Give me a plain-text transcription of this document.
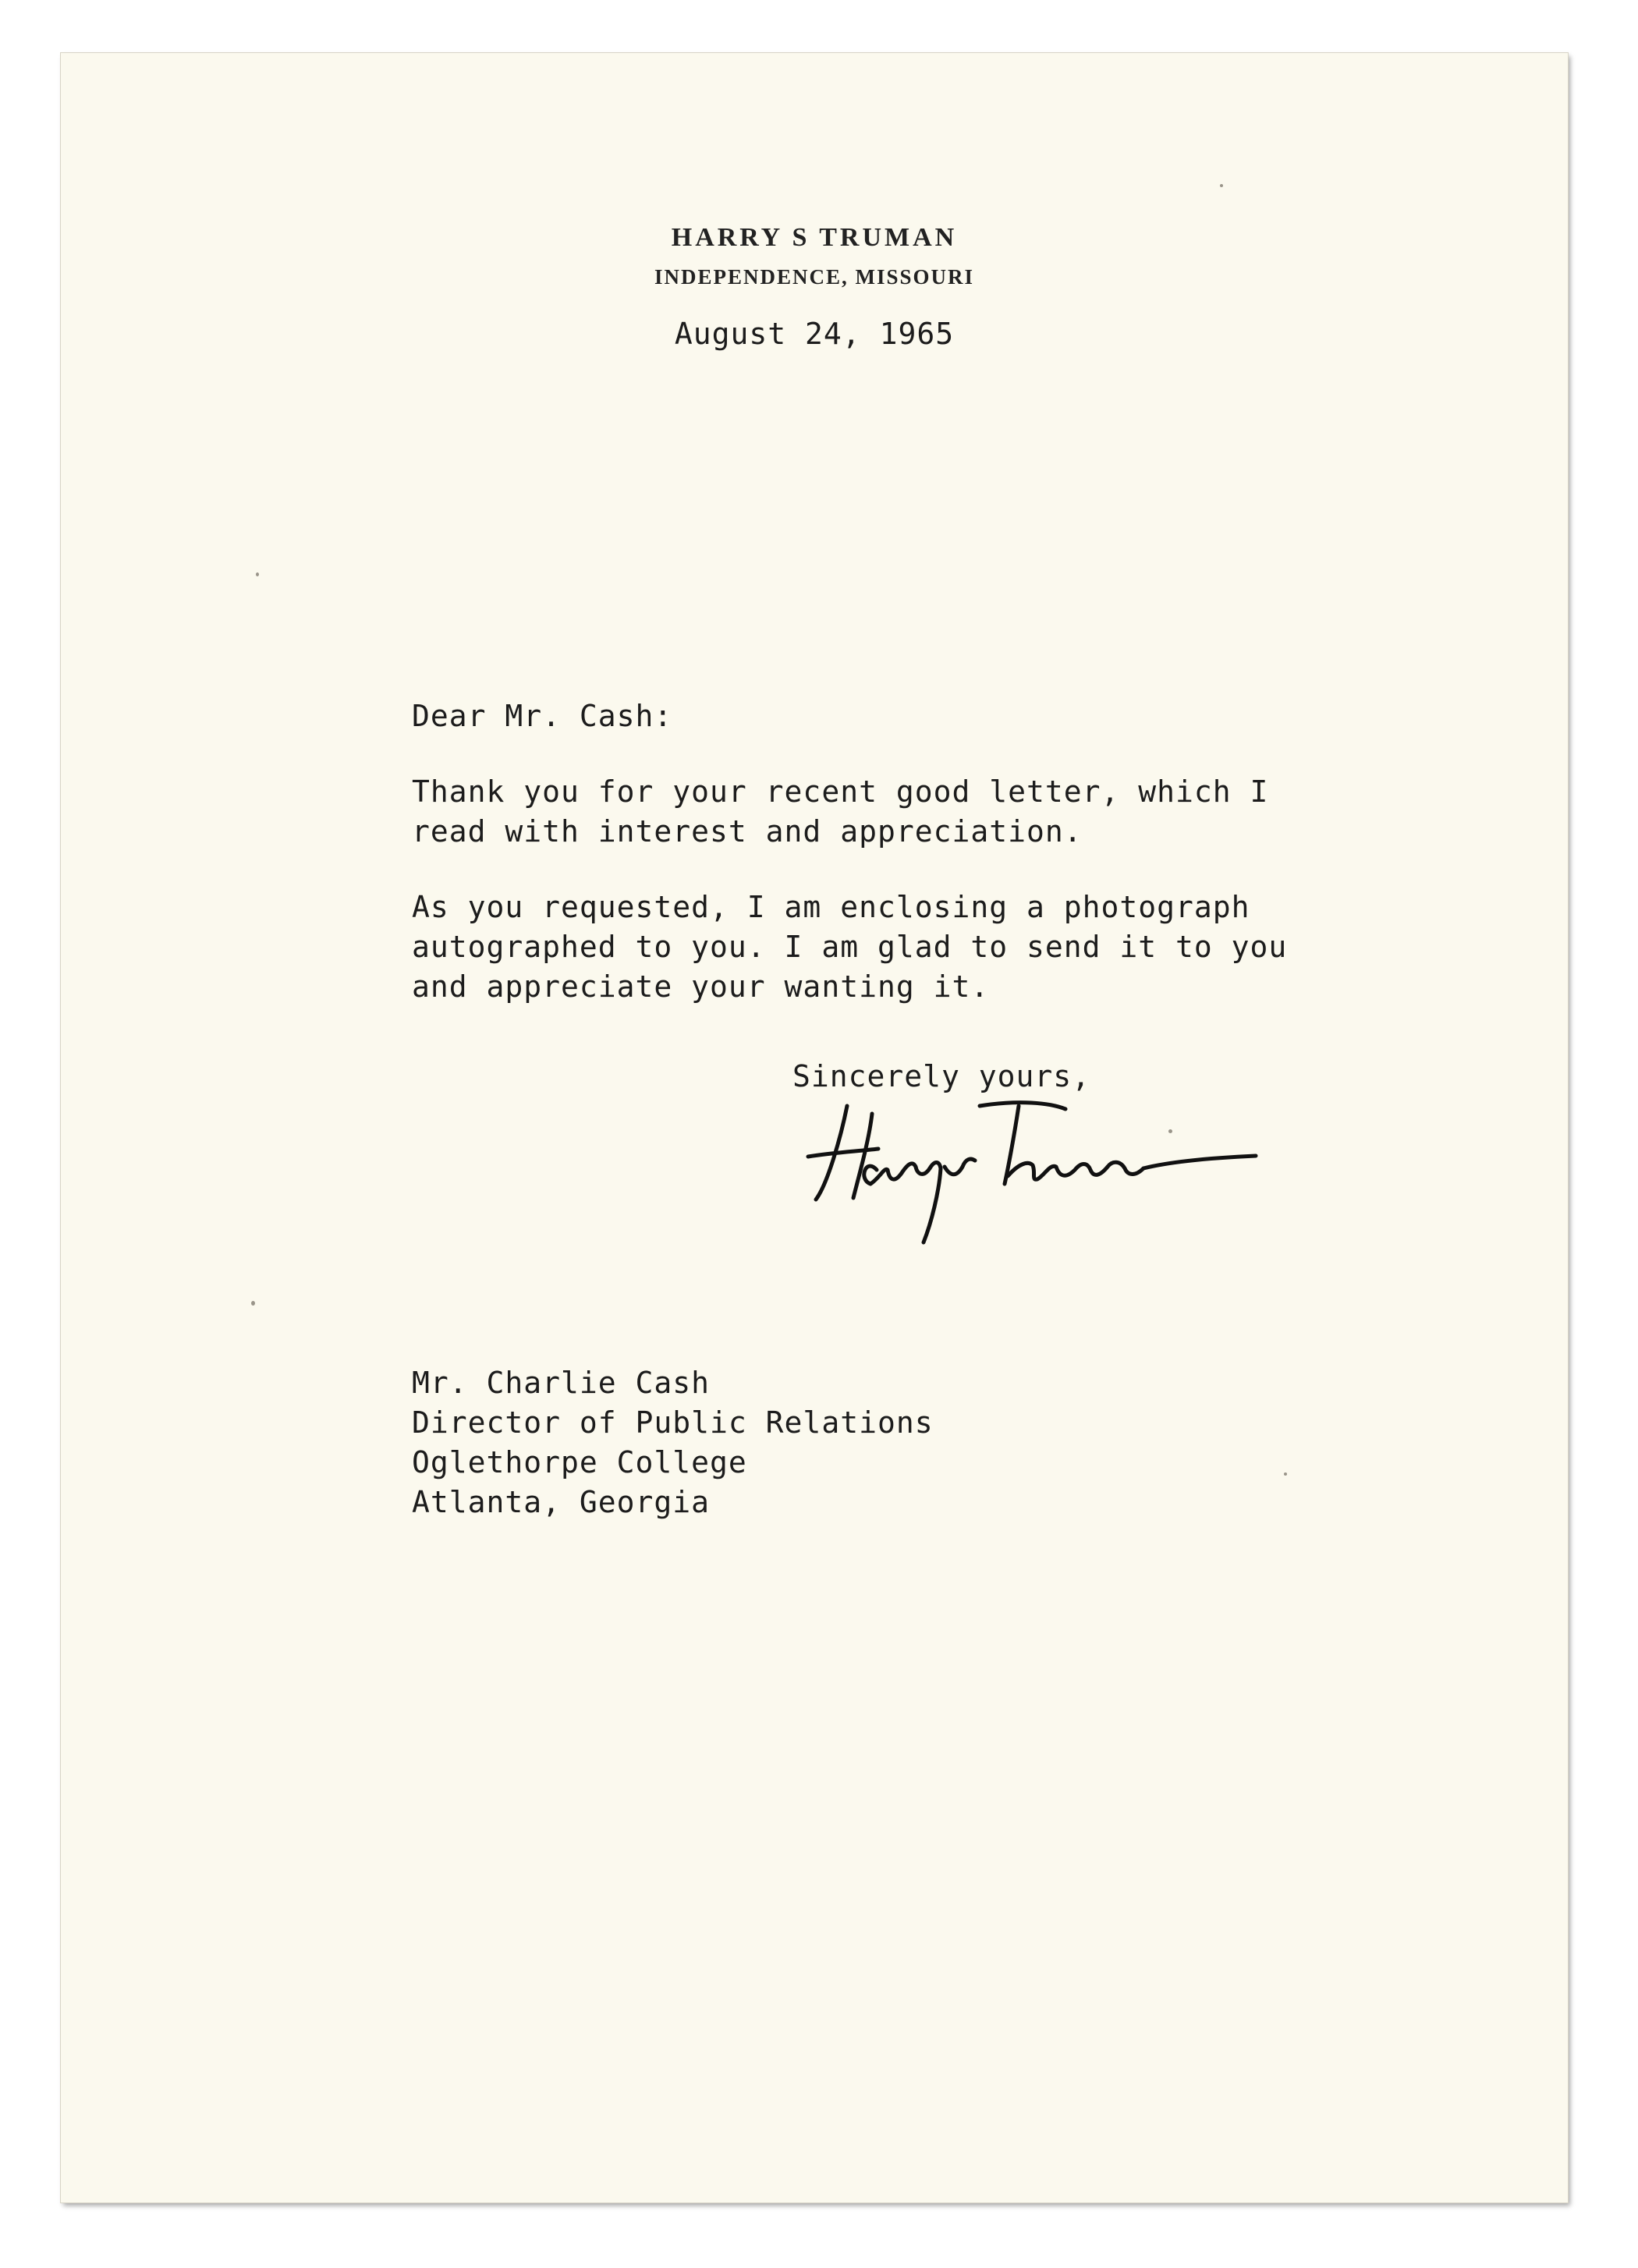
HARRY S TRUMAN
INDEPENDENCE, MISSOURI
August 24, 1965
Dear Mr. Cash:

Thank you for your recent good letter, which I
read with interest and appreciation.

As you requested, I am enclosing a photograph
autographed to you. I am glad to send it to you
and appreciate your wanting it.

Sincerely yours,

Mr. Charlie Cash
Director of Public Relations
Oglethorpe College
Atlanta, Georgia
